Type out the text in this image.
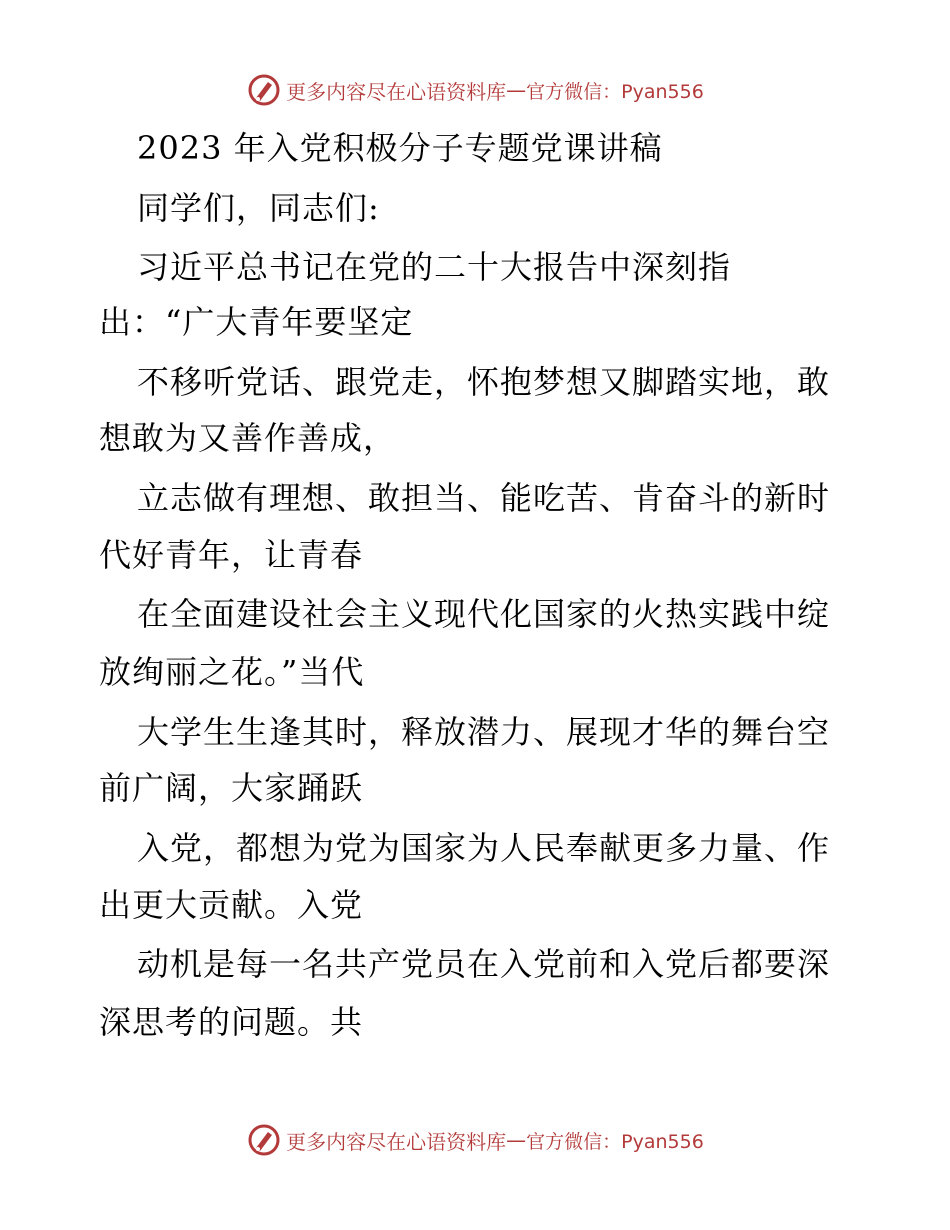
更多内容尽在心语资料库 — 官方微信：Pyan556
2023 年入党积极分子专题党课讲稿
同学们，同志们:
习近平总书记在党的二十大报告中深刻指
出：“广大青年要坚定
不移听党话、跟党走，怀抱梦想又脚踏实地，敢
想敢为又善作善成，
立志做有理想、敢担当、能吃苦、肯奋斗的新时
代好青年，让青春
在全面建设社会主义现代化国家的火热实践中绽
放绚丽之花。”当代
大学生生逢其时，释放潜力、展现才华的舞台空
前广阔，大家踊跃
入党，都想为党为国家为人民奉献更多力量、作
出更大贡献。入党
动机是每一名共产党员在入党前和入党后都要深
深思考的问题。共
更多内容尽在心语资料库 — 官方微信：Pyan556
